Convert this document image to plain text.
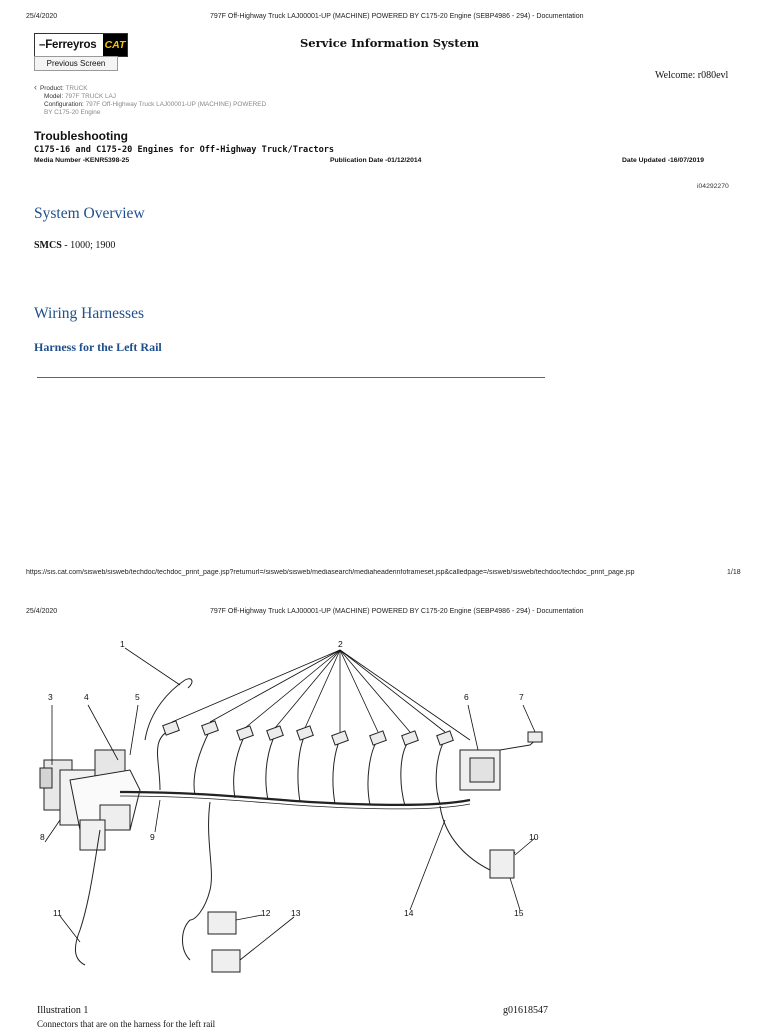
25/4/2020	797F Off-Highway Truck LAJ00001-UP (MACHINE) POWERED BY C175-20 Engine (SEBP4986 - 294) - Documentation
– Ferreyros CAT
Previous Screen
Service Information System
Welcome: r080evl
‹ Product: TRUCK
Model: 797F TRUCK LAJ
Configuration: 797F Off-Highway Truck LAJ00001-UP (MACHINE) POWERED
BY C175-20 Engine
Troubleshooting
C175-16 and C175-20 Engines for Off-Highway Truck/Tractors
Media Number -KENR5398-25	Publication Date -01/12/2014	Date Updated -16/07/2019
i04292270
System Overview
SMCS - 1000; 1900
Wiring Harnesses
Harness for the Left Rail
https://sis.cat.com/sisweb/sisweb/techdoc/techdoc_print_page.jsp?returnurl=/sisweb/sisweb/mediasearch/mediaheaderinfoframeset.jsp&calledpage=/sisweb/sisweb/techdoc/techdoc_print_page.jsp	1/18
25/4/2020	797F Off-Highway Truck LAJ00001-UP (MACHINE) POWERED BY C175-20 Engine (SEBP4986 - 294) - Documentation
1	2
3	4	5	6	7
8	9	10
11	12 13	14	15
Illustration 1	g01618547
Connectors that are on the harness for the left rail
